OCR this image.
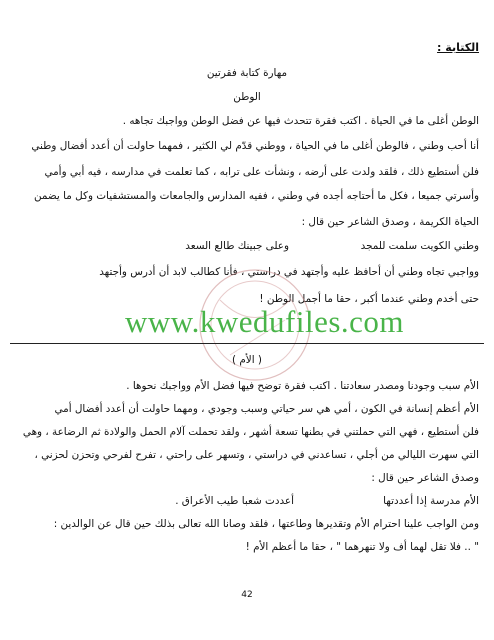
الكتابة :
مهارة كتابة فقرتين
الوطن
الوطن أغلى ما في الحياة . اكتب فقرة تتحدث فيها عن فضل الوطن وواجبك تجاهه .
أنا أحب وطني ، فالوطن أغلى ما في الحياة ، ووطني قدّم لي الكثير ، فمهما حاولت أن أعدد أفضال وطني
فلن أستطيع ذلك ، فلقد ولدت على أرضه ، ونشأت على ترابه ، كما تعلمت في مدارسه ، فيه أبي وأمي
وأسرتي جميعا ، فكل ما أحتاجه أجده في وطني ، ففيه المدارس والجامعات والمستشفيات وكل ما يضمن
الحياة الكريمة ، وصدق الشاعر حين قال :
وطني الكويت سلمت للمجد
وعلى جبينك طالع السعد
وواجبي تجاه وطني أن أحافظ عليه وأجتهد في دراستي ، فأنا كطالب لابد أن أدرس وأجتهد
حتى أخدم وطني عندما أكبر ، حقا ما أجمل الوطن !
www.kwedufiles.com
( الأم )
الأم سبب وجودنا ومصدر سعادتنا . اكتب فقرة توضح فيها فضل الأم وواجبك نحوها .
الأم أعظم إنسانة في الكون ، أمي هي سر حياتي وسبب وجودي ، ومهما حاولت أن أعدد أفضال أمي
فلن أستطيع ، فهي التي حملتني في بطنها تسعة أشهر ، ولقد تحملت آلام الحمل والولادة ثم الرضاعة ، وهي
التي سهرت الليالي من أجلي ، تساعدني في دراستي ، وتسهر على راحتي ، تفرح لفرحي وتحزن لحزني ،
وصدق الشاعر حين قال :
الأم مدرسة إذا أعددتها
أعددت شعبا طيب الأعراق .
ومن الواجب علينا احترام الأم وتقديرها وطاعتها ، فلقد وصانا الله تعالى بذلك حين قال عن الوالدين :
" .. فلا تقل لهما أف ولا تنهرهما " ، حقا ما أعظم الأم !
42
